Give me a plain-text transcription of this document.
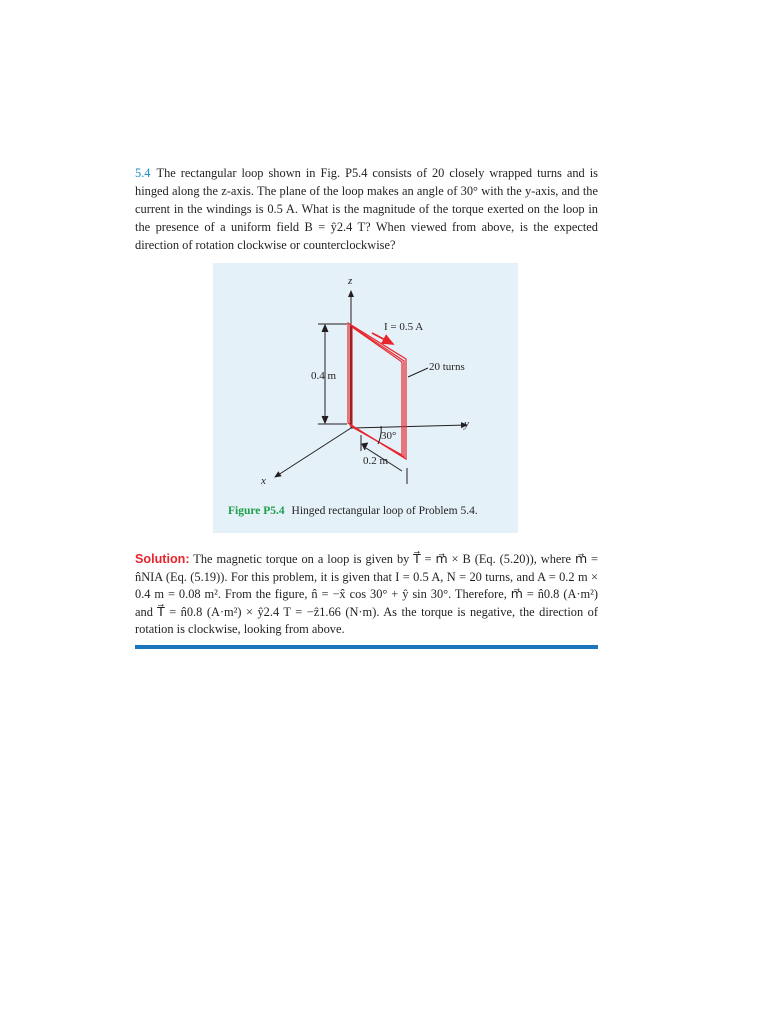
5.4 The rectangular loop shown in Fig. P5.4 consists of 20 closely wrapped turns and is hinged along the z-axis. The plane of the loop makes an angle of 30° with the y-axis, and the current in the windings is 0.5 A. What is the magnitude of the torque exerted on the loop in the presence of a uniform field B = ŷ2.4 T? When viewed from above, is the expected direction of rotation clockwise or counterclockwise?
z
y
x
I = 0.5 A
20 turns
0.4 m
30°
0.2 m
Figure P5.4 Hinged rectangular loop of Problem 5.4.
Solution: The magnetic torque on a loop is given by T⃗ = m⃗ × B (Eq. (5.20)), where m⃗ = n̂NIA (Eq. (5.19)). For this problem, it is given that I = 0.5 A, N = 20 turns, and A = 0.2 m × 0.4 m = 0.08 m². From the figure, n̂ = −x̂ cos 30° + ŷ sin 30°. Therefore, m⃗ = n̂0.8 (A·m²) and T⃗ = n̂0.8 (A·m²) × ŷ2.4 T = −ẑ1.66 (N·m). As the torque is negative, the direction of rotation is clockwise, looking from above.
